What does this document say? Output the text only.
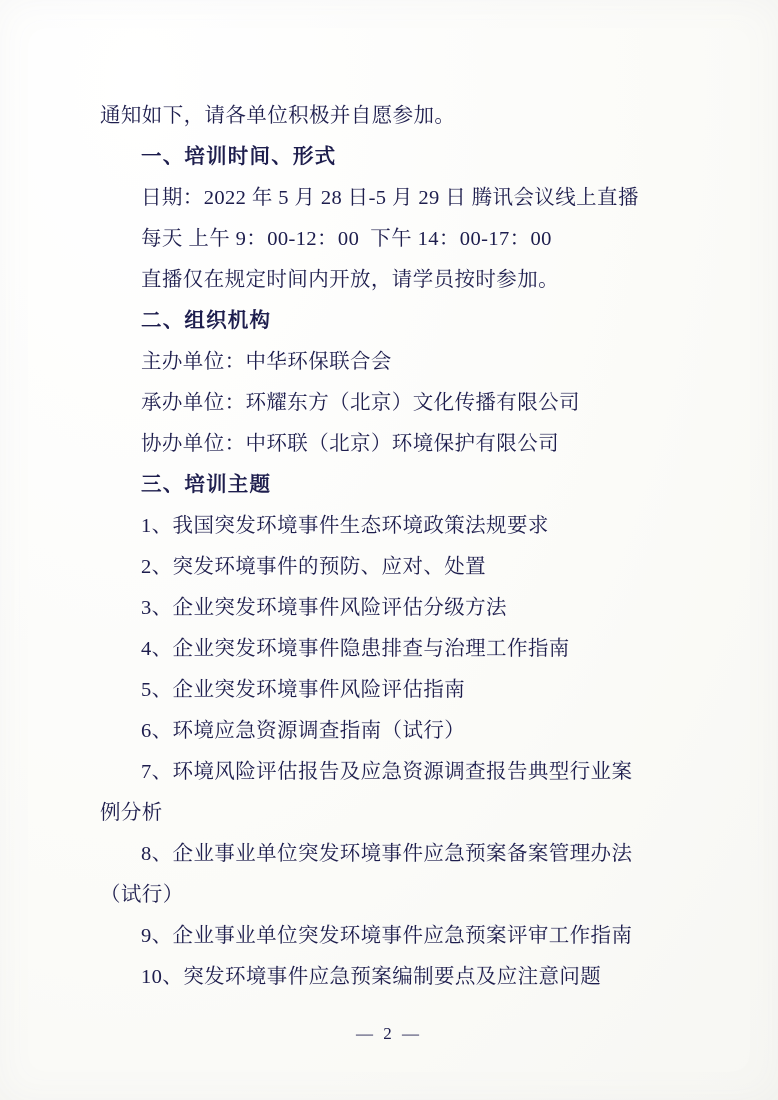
通知如下，请各单位积极并自愿参加。

一、培训时间、形式

日期：2022 年 5 月 28 日-5 月 29 日 腾讯会议线上直播

每天 上午 9：00-12：00  下午 14：00-17：00

直播仅在规定时间内开放，请学员按时参加。

二、组织机构

主办单位：中华环保联合会

承办单位：环耀东方（北京）文化传播有限公司

协办单位：中环联（北京）环境保护有限公司

三、培训主题

1、我国突发环境事件生态环境政策法规要求

2、突发环境事件的预防、应对、处置

3、企业突发环境事件风险评估分级方法

4、企业突发环境事件隐患排查与治理工作指南

5、企业突发环境事件风险评估指南

6、环境应急资源调查指南（试行）

7、环境风险评估报告及应急资源调查报告典型行业案

例分析

8、企业事业单位突发环境事件应急预案备案管理办法

（试行）

9、企业事业单位突发环境事件应急预案评审工作指南

10、突发环境事件应急预案编制要点及应注意问题

— 2 —
